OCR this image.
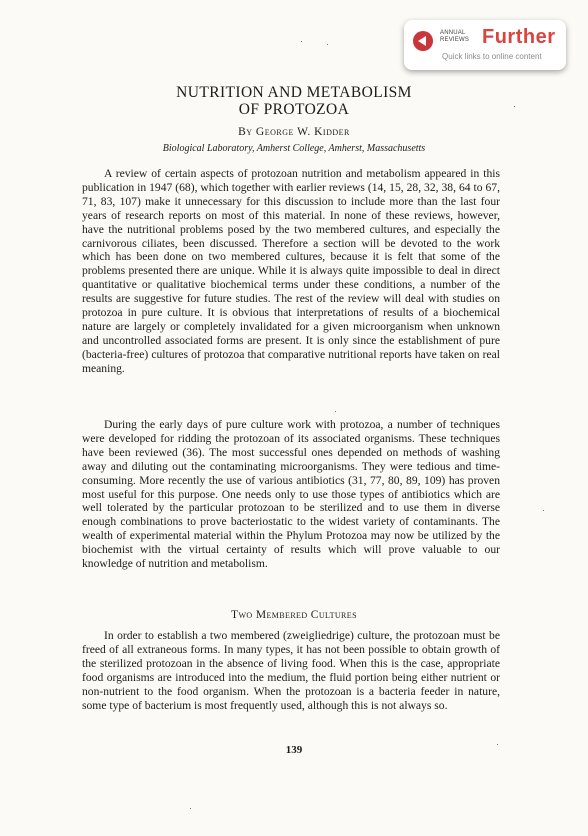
ANNUAL
REVIEWS Further
Quick links to online content
NUTRITION AND METABOLISM
OF PROTOZOA
By George W. Kidder
Biological Laboratory, Amherst College, Amherst, Massachusetts

A review of certain aspects of protozoan nutrition and metabolism appeared in this publication in 1947 (68), which together with earlier reviews (14, 15, 28, 32, 38, 64 to 67, 71, 83, 107) make it unnecessary for this discussion to include more than the last four years of research reports on most of this material. In none of these reviews, however, have the nutritional problems posed by the two membered cultures, and especially the carnivorous ciliates, been discussed. Therefore a section will be devoted to the work which has been done on two membered cultures, because it is felt that some of the problems presented there are unique. While it is always quite impossible to deal in direct quantitative or qualitative biochemical terms under these conditions, a number of the results are suggestive for future studies. The rest of the review will deal with studies on protozoa in pure culture. It is obvious that interpretations of results of a biochemical nature are largely or completely invalidated for a given microorganism when unknown and uncontrolled associated forms are present. It is only since the establishment of pure (bacteria-free) cultures of protozoa that comparative nutritional reports have taken on real meaning.

During the early days of pure culture work with protozoa, a number of techniques were developed for ridding the protozoan of its associated organisms. These techniques have been reviewed (36). The most successful ones depended on methods of washing away and diluting out the contaminating microorganisms. They were tedious and time-consuming. More recently the use of various antibiotics (31, 77, 80, 89, 109) has proven most useful for this purpose. One needs only to use those types of antibiotics which are well tolerated by the particular protozoan to be sterilized and to use them in diverse enough combinations to prove bacteriostatic to the widest variety of contaminants. The wealth of experimental material within the Phylum Protozoa may now be utilized by the biochemist with the virtual certainty of results which will prove valuable to our knowledge of nutrition and metabolism.

Two Membered Cultures

In order to establish a two membered (zweigliedrige) culture, the protozoan must be freed of all extraneous forms. In many types, it has not been possible to obtain growth of the sterilized protozoan in the absence of living food. When this is the case, appropriate food organisms are introduced into the medium, the fluid portion being either nutrient or non-nutrient to the food organism. When the protozoan is a bacteria feeder in nature, some type of bacterium is most frequently used, although this is not always so.

139
